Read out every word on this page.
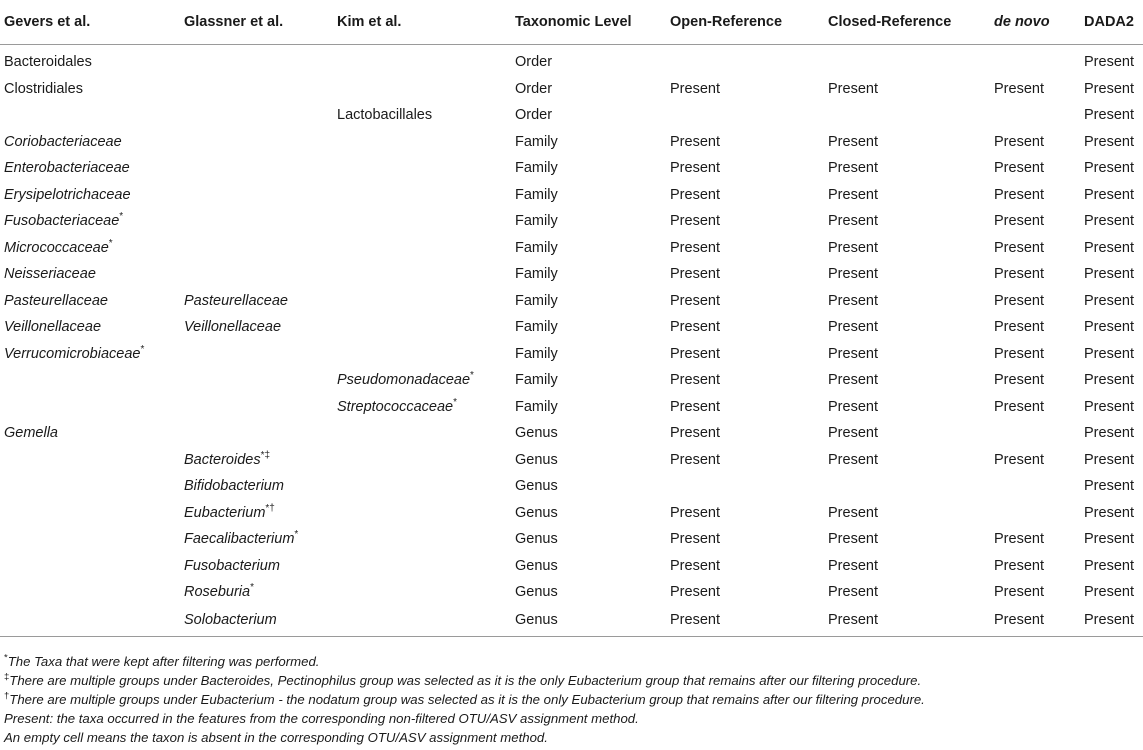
Gevers et al.	Glassner et al.	Kim et al.	Taxonomic Level	Open-Reference	Closed-Reference	de novo	DADA2
Bacteroidales			Order				Present
Clostridiales			Order	Present	Present	Present	Present
		Lactobacillales	Order				Present
Coriobacteriaceae			Family	Present	Present	Present	Present
Enterobacteriaceae			Family	Present	Present	Present	Present
Erysipelotrichaceae			Family	Present	Present	Present	Present
Fusobacteriaceae*			Family	Present	Present	Present	Present
Micrococcaceae*			Family	Present	Present	Present	Present
Neisseriaceae			Family	Present	Present	Present	Present
Pasteurellaceae	Pasteurellaceae		Family	Present	Present	Present	Present
Veillonellaceae	Veillonellaceae		Family	Present	Present	Present	Present
Verrucomicrobiaceae*			Family	Present	Present	Present	Present
		Pseudomonadaceae*	Family	Present	Present	Present	Present
		Streptococcaceae*	Family	Present	Present	Present	Present
Gemella			Genus	Present	Present		Present
	Bacteroides*‡		Genus	Present	Present	Present	Present
	Bifidobacterium		Genus				Present
	Eubacterium*†		Genus	Present	Present		Present
	Faecalibacterium*		Genus	Present	Present	Present	Present
	Fusobacterium		Genus	Present	Present	Present	Present
	Roseburia*		Genus	Present	Present	Present	Present
	Solobacterium		Genus	Present	Present	Present	Present
*The Taxa that were kept after filtering was performed.
‡There are multiple groups under Bacteroides, Pectinophilus group was selected as it is the only Eubacterium group that remains after our filtering procedure.
†There are multiple groups under Eubacterium - the nodatum group was selected as it is the only Eubacterium group that remains after our filtering procedure.
Present: the taxa occurred in the features from the corresponding non-filtered OTU/ASV assignment method.
An empty cell means the taxon is absent in the corresponding OTU/ASV assignment method.
